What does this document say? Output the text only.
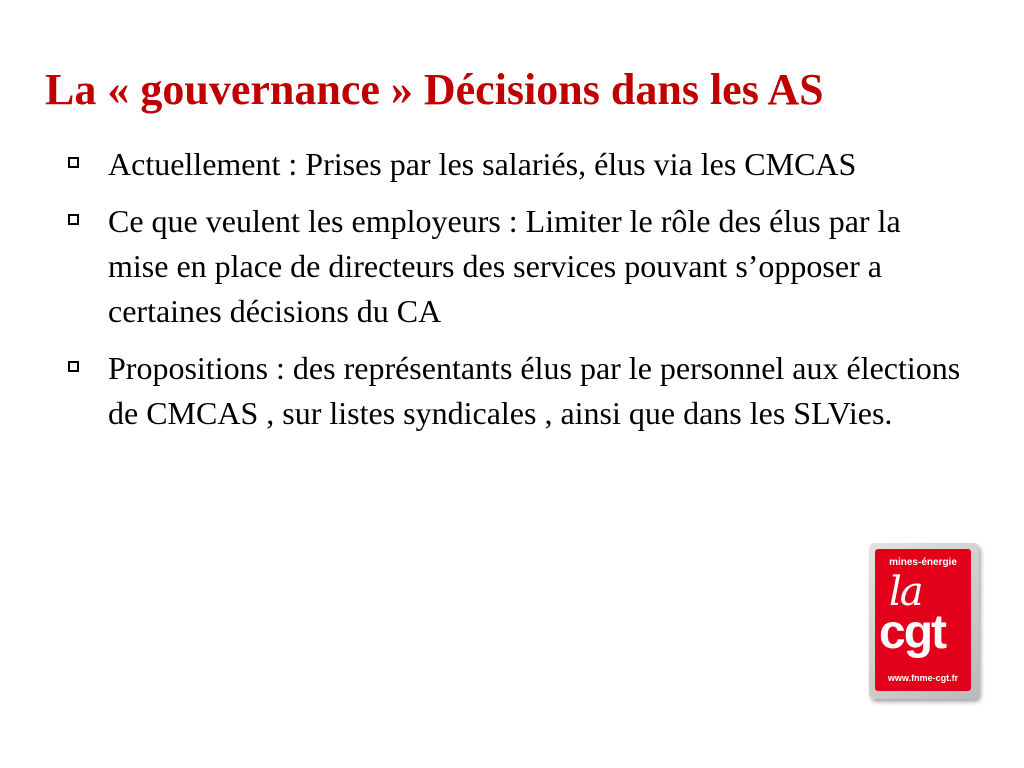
La « gouvernance » Décisions dans les AS
Actuellement : Prises par les salariés, élus via les CMCAS
Ce que veulent les employeurs : Limiter le rôle des élus par la mise en place de directeurs des services pouvant s’opposer a certaines décisions du CA
Propositions : des représentants élus par le personnel aux élections de CMCAS , sur listes syndicales , ainsi que dans les SLVies.
mines-énergie
la
cgt
www.fnme-cgt.fr
